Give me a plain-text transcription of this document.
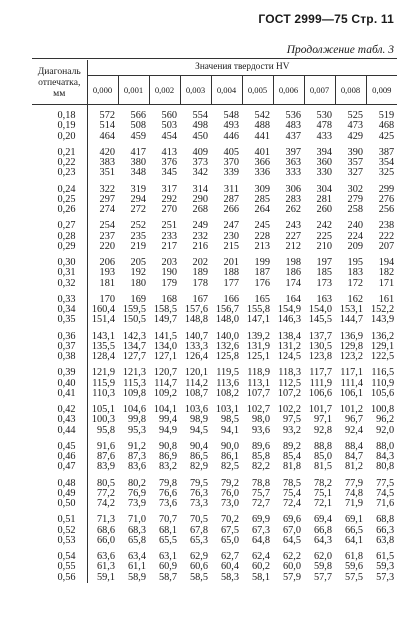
ГОСТ 2999—75 Стр. 11
Продолжение табл. 3
Диагональ отпечатка, мм	Значения твердости HV									
	0,000	0,001	0,002	0,003	0,004	0,005	0,006	0,007	0,008	0,009

0,18	572	566	560	554	548	542	536	530	525	519
0,19	514	508	503	498	493	488	483	478	473	468
0,20	464	459	454	450	446	441	437	433	429	425

0,21	420	417	413	409	405	401	397	394	390	387
0,22	383	380	376	373	370	366	363	360	357	354
0,23	351	348	345	342	339	336	333	330	327	325

0,24	322	319	317	314	311	309	306	304	302	299
0,25	297	294	292	290	287	285	283	281	279	276
0,26	274	272	270	268	266	264	262	260	258	256

0,27	254	252	251	249	247	245	243	242	240	238
0,28	237	235	233	232	230	228	227	225	224	222
0,29	220	219	217	216	215	213	212	210	209	207

0,30	206	205	203	202	201	199	198	197	195	194
0,31	193	192	190	189	188	187	186	185	183	182
0,32	181	180	179	178	177	176	174	173	172	171

0,33	170	169	168	167	166	165	164	163	162	161
0,34	160,4	159,5	158,5	157,6	156,7	155,8	154,9	154,0	153,1	152,2
0,35	151,4	150,5	149,7	148,8	148,0	147,1	146,3	145,5	144,7	143,9

0,36	143,1	142,3	141,5	140,7	140,0	139,2	138,4	137,7	136,9	136,2
0,37	135,5	134,7	134,0	133,3	132,6	131,9	131,2	130,5	129,8	129,1
0,38	128,4	127,7	127,1	126,4	125,8	125,1	124,5	123,8	123,2	122,5

0,39	121,9	121,3	120,7	120,1	119,5	118,9	118,3	117,7	117,1	116,5
0,40	115,9	115,3	114,7	114,2	113,6	113,1	112,5	111,9	111,4	110,9
0,41	110,3	109,8	109,2	108,7	108,2	107,7	107,2	106,6	106,1	105,6

0,42	105,1	104,6	104,1	103,6	103,1	102,7	102,2	101,7	101,2	100,8
0,43	100,3	99,8	99,4	98,9	98,5	98,0	97,5	97,1	96,7	96,2
0,44	95,8	95,3	94,9	94,5	94,1	93,6	93,2	92,8	92,4	92,0

0,45	91,6	91,2	90,8	90,4	90,0	89,6	89,2	88,8	88,4	88,0
0,46	87,6	87,3	86,9	86,5	86,1	85,8	85,4	85,0	84,7	84,3
0,47	83,9	83,6	83,2	82,9	82,5	82,2	81,8	81,5	81,2	80,8

0,48	80,5	80,2	79,8	79,5	79,2	78,8	78,5	78,2	77,9	77,5
0,49	77,2	76,9	76,6	76,3	76,0	75,7	75,4	75,1	74,8	74,5
0,50	74,2	73,9	73,6	73,3	73,0	72,7	72,4	72,1	71,9	71,6

0,51	71,3	71,0	70,7	70,5	70,2	69,9	69,6	69,4	69,1	68,8
0,52	68,6	68,3	68,1	67,8	67,5	67,3	67,0	66,8	66,5	66,3
0,53	66,0	65,8	65,5	65,3	65,0	64,8	64,5	64,3	64,1	63,8

0,54	63,6	63,4	63,1	62,9	62,7	62,4	62,2	62,0	61,8	61,5
0,55	61,3	61,1	60,9	60,6	60,4	60,2	60,0	59,8	59,6	59,3
0,56	59,1	58,9	58,7	58,5	58,3	58,1	57,9	57,7	57,5	57,3
